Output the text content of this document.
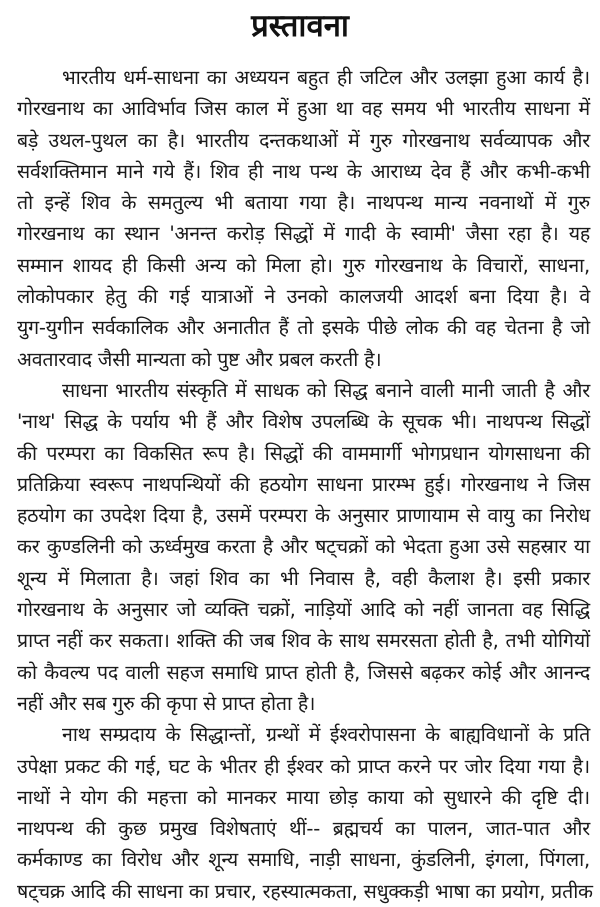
प्रस्तावना
भारतीय धर्म-साधना का अध्ययन बहुत ही जटिल और उलझा हुआ कार्य है।
गोरखनाथ का आविर्भाव जिस काल में हुआ था वह समय भी भारतीय साधना में
बड़े उथल-पुथल का है। भारतीय दन्तकथाओं में गुरु गोरखनाथ सर्वव्यापक और
सर्वशक्तिमान माने गये हैं। शिव ही नाथ पन्थ के आराध्य देव हैं और कभी-कभी
तो इन्हें शिव के समतुल्य भी बताया गया है। नाथपन्थ मान्य नवनाथों में गुरु
गोरखनाथ का स्थान 'अनन्त करोड़ सिद्धों में गादी के स्वामी' जैसा रहा है। यह
सम्मान शायद ही किसी अन्य को मिला हो। गुरु गोरखनाथ के विचारों, साधना,
लोकोपकार हेतु की गई यात्राओं ने उनको कालजयी आदर्श बना दिया है। वे
युग-युगीन सर्वकालिक और अनातीत हैं तो इसके पीछे लोक की वह चेतना है जो
अवतारवाद जैसी मान्यता को पुष्ट और प्रबल करती है।
साधना भारतीय संस्कृति में साधक को सिद्ध बनाने वाली मानी जाती है और
'नाथ' सिद्ध के पर्याय भी हैं और विशेष उपलब्धि के सूचक भी। नाथपन्थ सिद्धों
की परम्परा का विकसित रूप है। सिद्धों की वाममार्गी भोगप्रधान योगसाधना की
प्रतिक्रिया स्वरूप नाथपन्थियों की हठयोग साधना प्रारम्भ हुई। गोरखनाथ ने जिस
हठयोग का उपदेश दिया है, उसमें परम्परा के अनुसार प्राणायाम से वायु का निरोध
कर कुण्डलिनी को ऊर्ध्वमुख करता है और षट्चक्रों को भेदता हुआ उसे सहस्रार या
शून्य में मिलाता है। जहां शिव का भी निवास है, वही कैलाश है। इसी प्रकार
गोरखनाथ के अनुसार जो व्यक्ति चक्रों, नाड़ियों आदि को नहीं जानता वह सिद्धि
प्राप्त नहीं कर सकता। शक्ति की जब शिव के साथ समरसता होती है, तभी योगियों
को कैवल्य पद वाली सहज समाधि प्राप्त होती है, जिससे बढ़कर कोई और आनन्द
नहीं और सब गुरु की कृपा से प्राप्त होता है।
नाथ सम्प्रदाय के सिद्धान्तों, ग्रन्थों में ईश्वरोपासना के बाह्यविधानों के प्रति
उपेक्षा प्रकट की गई, घट के भीतर ही ईश्वर को प्राप्त करने पर जोर दिया गया है।
नाथों ने योग की महत्ता को मानकर माया छोड़ काया को सुधारने की दृष्टि दी।
नाथपन्थ की कुछ प्रमुख विशेषताएं थीं-- ब्रह्मचर्य का पालन, जात-पात और
कर्मकाण्ड का विरोध और शून्य समाधि, नाड़ी साधना, कुंडलिनी, इंगला, पिंगला,
षट्चक्र आदि की साधना का प्रचार, रहस्यात्मकता, सधुक्कड़ी भाषा का प्रयोग, प्रतीक
